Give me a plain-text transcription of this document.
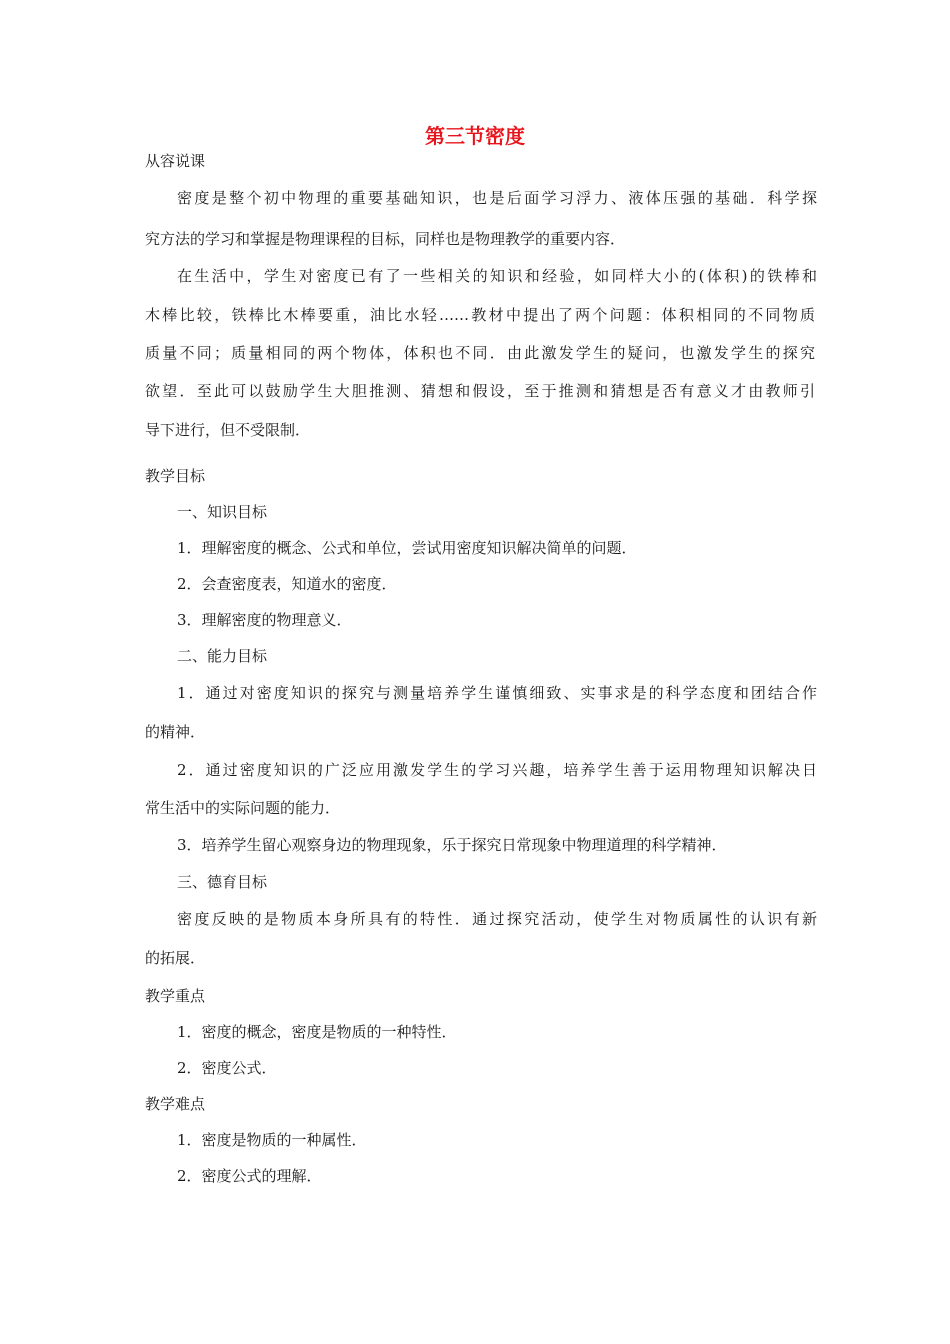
第三节密度
从容说课
密度是整个初中物理的重要基础知识，也是后面学习浮力、液体压强的基础．科学探
究方法的学习和掌握是物理课程的目标，同样也是物理教学的重要内容．
在生活中，学生对密度已有了一些相关的知识和经验，如同样大小的(体积)的铁棒和
木棒比较，铁棒比木棒要重，油比水轻……教材中提出了两个问题：体积相同的不同物质
质量不同；质量相同的两个物体，体积也不同．由此激发学生的疑问，也激发学生的探究
欲望．至此可以鼓励学生大胆推测、猜想和假设，至于推测和猜想是否有意义才由教师引
导下进行，但不受限制．
教学目标
一、知识目标
1．理解密度的概念、公式和单位，尝试用密度知识解决简单的问题．
2．会查密度表，知道水的密度．
3．理解密度的物理意义．
二、能力目标
1．通过对密度知识的探究与测量培养学生谨慎细致、实事求是的科学态度和团结合作
的精神．
2．通过密度知识的广泛应用激发学生的学习兴趣，培养学生善于运用物理知识解决日
常生活中的实际问题的能力．
3．培养学生留心观察身边的物理现象，乐于探究日常现象中物理道理的科学精神．
三、德育目标
密度反映的是物质本身所具有的特性．通过探究活动，使学生对物质属性的认识有新
的拓展．
教学重点
1．密度的概念，密度是物质的一种特性．
2．密度公式．
教学难点
1．密度是物质的一种属性．
2．密度公式的理解．
